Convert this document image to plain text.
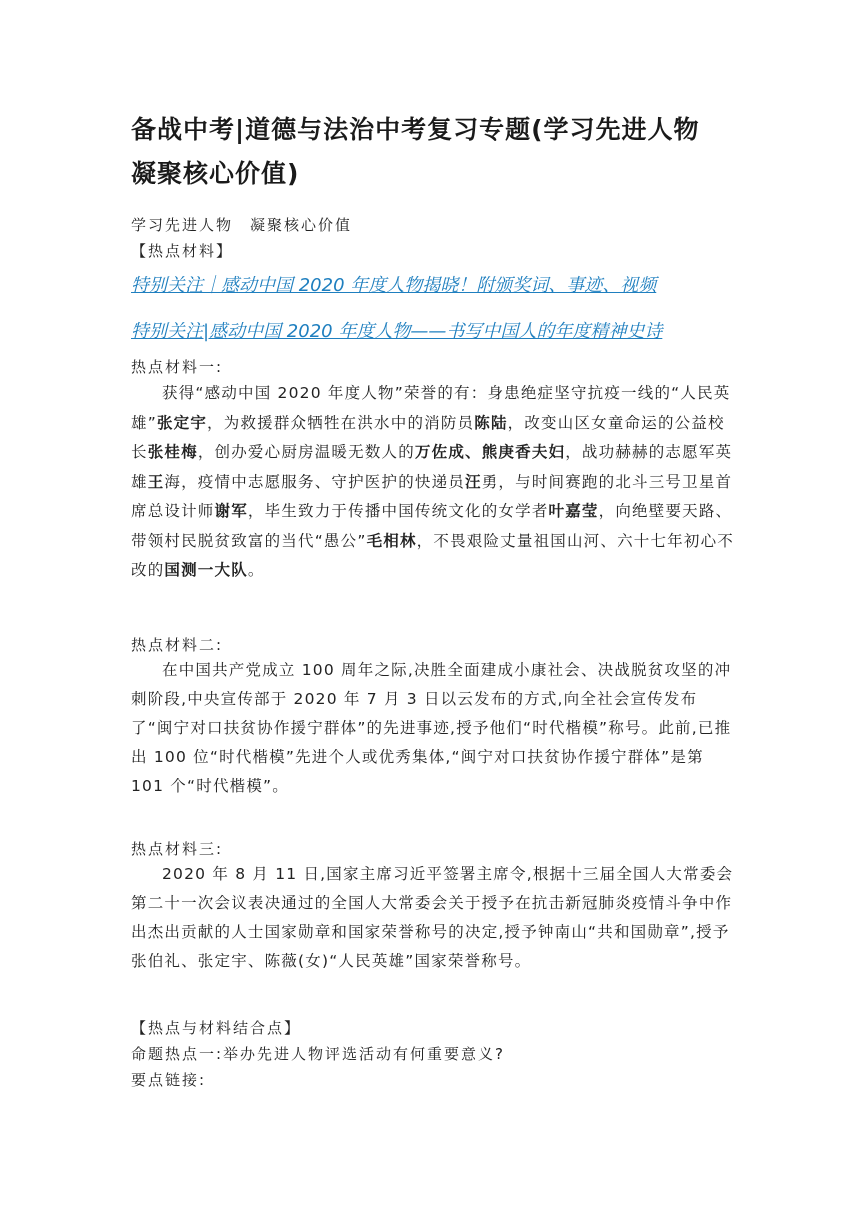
备战中考|道德与法治中考复习专题(学习先进人物　凝聚核心价值)
学习先进人物　凝聚核心价值
【热点材料】
特别关注｜感动中国 2020 年度人物揭晓！附颁奖词、事迹、视频
特别关注|感动中国 2020 年度人物——书写中国人的年度精神史诗
热点材料一:
获得“感动中国 2020 年度人物”荣誉的有：身患绝症坚守抗疫一线的“人民英雄”张定宇，为救援群众牺牲在洪水中的消防员陈陆，改变山区女童命运的公益校长张桂梅，创办爱心厨房温暖无数人的万佐成、熊庚香夫妇，战功赫赫的志愿军英雄王海，疫情中志愿服务、守护医护的快递员汪勇，与时间赛跑的北斗三号卫星首席总设计师谢军，毕生致力于传播中国传统文化的女学者叶嘉莹，向绝壁要天路、带领村民脱贫致富的当代“愚公”毛相林，不畏艰险丈量祖国山河、六十七年初心不改的国测一大队。
热点材料二:
在中国共产党成立 100 周年之际,决胜全面建成小康社会、决战脱贫攻坚的冲刺阶段,中央宣传部于 2020 年 7 月 3 日以云发布的方式,向全社会宣传发布了“闽宁对口扶贫协作援宁群体”的先进事迹,授予他们“时代楷模”称号。此前,已推出 100 位“时代楷模”先进个人或优秀集体,“闽宁对口扶贫协作援宁群体”是第 101 个“时代楷模”。
热点材料三:
2020 年 8 月 11 日,国家主席习近平签署主席令,根据十三届全国人大常委会第二十一次会议表决通过的全国人大常委会关于授予在抗击新冠肺炎疫情斗争中作出杰出贡献的人士国家勋章和国家荣誉称号的决定,授予钟南山“共和国勋章”,授予张伯礼、张定宇、陈薇(女)“人民英雄”国家荣誉称号。
【热点与材料结合点】
命题热点一:举办先进人物评选活动有何重要意义?
要点链接:
